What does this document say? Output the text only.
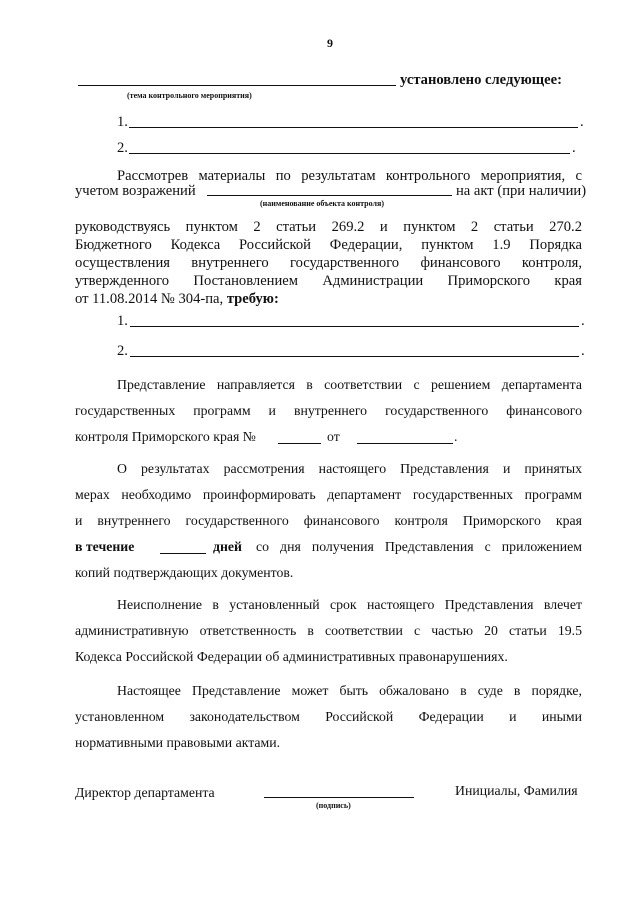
9
установлено следующее:
(тема контрольного мероприятия)
1.	.
2.	.
Рассмотрев материалы по результатам контрольного мероприятия, с
учетом возражений	на акт (при наличии)
(наименование объекта контроля)
руководствуясь пунктом 2 статьи 269.2 и пунктом 2 статьи 270.2
Бюджетного Кодекса Российской Федерации, пунктом 1.9 Порядка
осуществления внутреннего государственного финансового контроля,
утвержденного Постановлением Администрации Приморского края
от 11.08.2014 № 304-па, требую:
1.	.
2.	.
Представление направляется в соответствии с решением департамента
государственных программ и внутреннего государственного финансового
контроля Приморского края №	от	.
О результатах рассмотрения настоящего Представления и принятых
мерах необходимо проинформировать департамент государственных программ
и внутреннего государственного финансового контроля Приморского края
в течение	дней со дня получения Представления с приложением
копий подтверждающих документов.
Неисполнение в установленный срок настоящего Представления влечет
административную ответственность в соответствии с частью 20 статьи 19.5
Кодекса Российской Федерации об административных правонарушениях.
Настоящее Представление может быть обжаловано в суде в порядке,
установленном законодательством Российской Федерации и иными
нормативными правовыми актами.
Директор департамента
(подпись)
Инициалы, Фамилия
